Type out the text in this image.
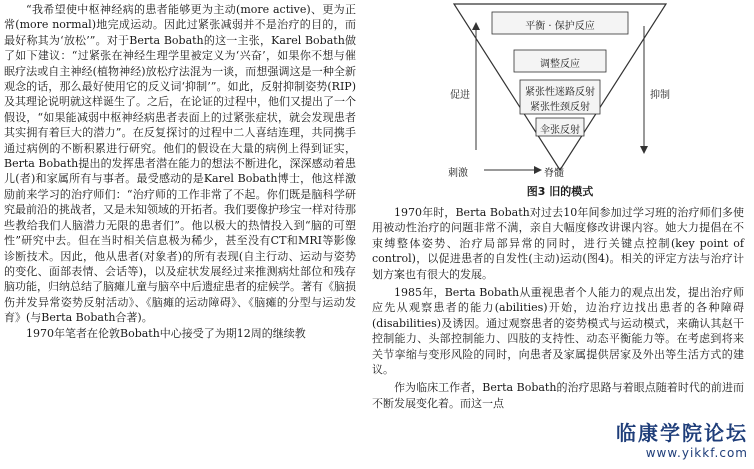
“我希望使中枢神经病的患者能够更为主动(more active)、更为正常(more normal)地完成运动。因此过紧张减弱并不是治疗的目的，而最好称其为‘放松’”。对于Berta Bobath的这一主张，Karel Bobath做了如下建议：“过紧张在神经生理学里被定义为‘兴奋’，如果你不想与催眠疗法或自主神经(植物神经)放松疗法混为一谈，而想强调这是一种全新观念的话，那么最好使用它的反义词‘抑制’”。如此，反射抑制姿势(RIP)及其理论说明就这样诞生了。之后，在论证的过程中，他们又提出了一个假设，“如果能减弱中枢神经病患者表面上的过紧张症状，就会发现患者其实拥有着巨大的潜力”。在反复探讨的过程中二人喜结连理，共同携手通过病例的不断积累进行研究。他们的假设在大量的病例上得到证实，Berta Bobath提出的发挥患者潜在能力的想法不断进化，深深感动着患儿(者)和家属所有与事者。最受感动的是Karel Bobath博士，他这样激励前来学习的治疗师们：“治疗师的工作非常了不起。你们既是脑科学研究最前沿的挑战者，又是未知领域的开拓者。我们要像护珍宝一样对待那些教给我们人脑潜力无限的患者们”。他以极大的热情投入到“脑的可塑性”研究中去。但在当时相关信息极为稀少，甚至没有CT和MRI等影像诊断技术。因此，他从患者(对象者)的所有表现(自主行动、运动与姿势的变化、面部表情、会话等)，以及症状发展经过来推测病灶部位和残存脑功能，归纳总结了脑瘫儿童与脑卒中后遗症患者的症候学。著有《脑损伤并发异常姿势反射活动》、《脑瘫的运动障碍》、《脑瘫的分型与运动发育》(与Berta Bobath合著)。

1970年笔者在伦敦Bobath中心接受了为期12周的继续教

平衡 · 保护反应
调整反应
紧张性迷路反射
紧张性颈反射
伞张反射
促进	抑制
刺激	脊髓
图3 旧的模式

1970年时，Berta Bobath对过去10年间参加过学习班的治疗师们多使用被动性治疗的问题非常不满，亲自大幅度修改讲课内容。她大力提倡在不束缚整体姿势、治疗局部异常的同时，进行关键点控制(key point of control)，以促进患者的自发性(主动)运动(图4)。相关的评定方法与治疗计划方案也有很大的发展。

1985年，Berta Bobath从重视患者个人能力的观点出发，提出治疗师应先从观察患者的能力(abilities)开始，边治疗边找出患者的各种障碍(disabilities)及诱因。通过观察患者的姿势模式与运动模式，来确认其赵干控制能力、头部控制能力、四肢的支持性、动态平衡能力等。在考虑到将来关节挛缩与变形风险的同时，向患者及家属提供居家及外出等生活方式的建议。

作为临床工作者，Berta Bobath的治疗思路与着眼点随着时代的前进而不断发展变化着。而这一点

临康学院论坛
www.yikkf.com
